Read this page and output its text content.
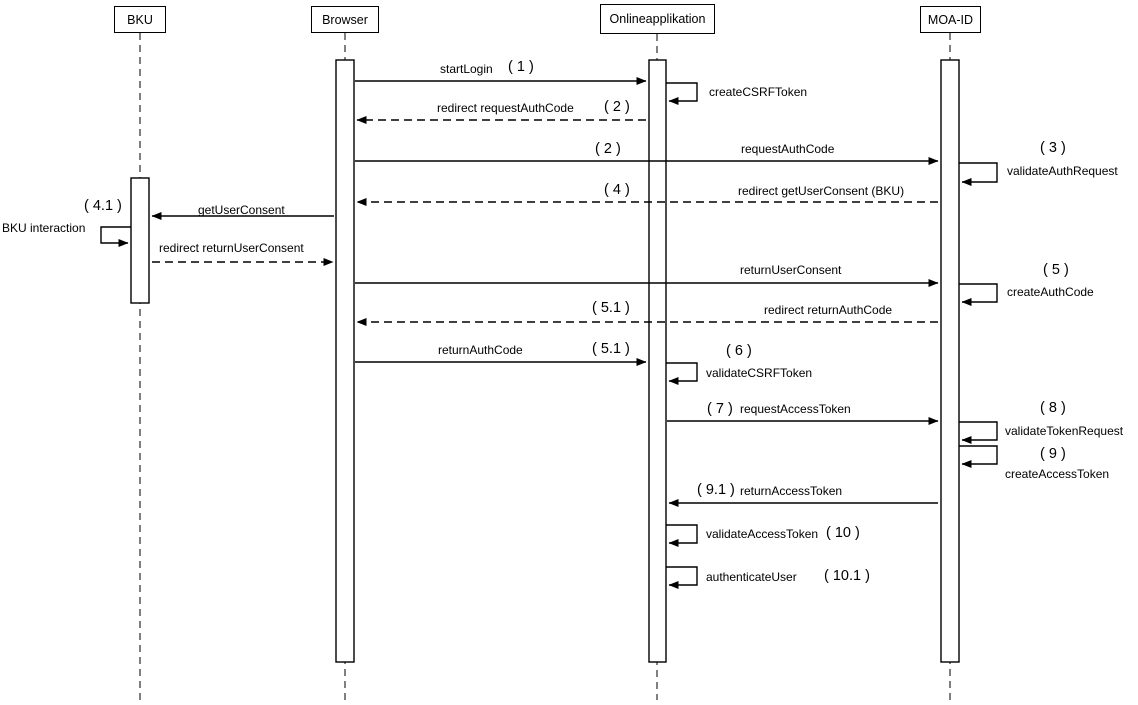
BKU	Browser	Onlineapplikation	MOA-ID
startLogin ( 1 )
createCSRFToken
redirect requestAuthCode ( 2 )
( 2 )	requestAuthCode	( 3 )
validateAuthRequest
( 4 )	redirect getUserConsent (BKU)
( 4.1 )	getUserConsent
BKU interaction
redirect returnUserConsent
returnUserConsent	( 5 )
createAuthCode
( 5.1 )	redirect returnAuthCode
returnAuthCode	( 5.1 )	( 6 )
validateCSRFToken
( 7 ) requestAccessToken	( 8 )
validateTokenRequest
( 9 )
createAccessToken
( 9.1 ) returnAccessToken
validateAccessToken ( 10 )
authenticateUser ( 10.1 )
